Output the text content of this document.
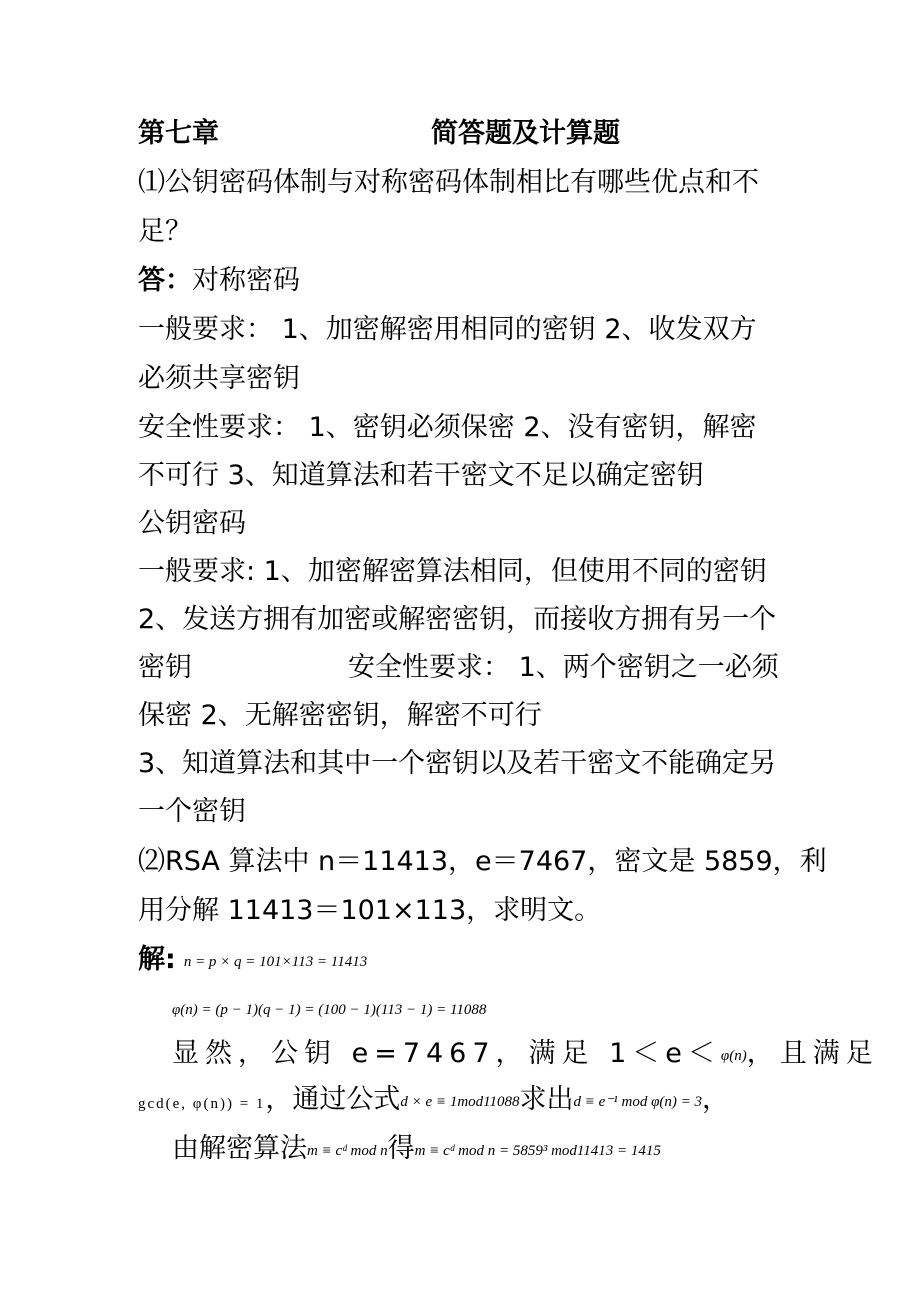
第七章	简答题及计算题
⑴公钥密码体制与对称密码体制相比有哪些优点和不
足？
答：对称密码
一般要求： 1、加密解密用相同的密钥 2、收发双方
必须共享密钥
安全性要求： 1、密钥必须保密 2、没有密钥，解密
不可行 3、知道算法和若干密文不足以确定密钥
公钥密码
一般要求: 1、加密解密算法相同，但使用不同的密钥
2、发送方拥有加密或解密密钥，而接收方拥有另一个
密钥	安全性要求： 1、两个密钥之一必须
保密 2、无解密密钥，解密不可行
3、知道算法和其中一个密钥以及若干密文不能确定另
一个密钥
⑵RSA 算法中 n＝11413，e＝7467，密文是 5859，利
用分解 11413＝101×113，求明文。
解: n = p × q = 101×113 = 11413
φ(n) = (p − 1)(q − 1) = (100 − 1)(113 − 1) = 11088
显然，公钥 e=7467，满足 1＜e＜φ(n)，且满足
gcd(e, φ(n)) = 1，通过公式d × e ≡ 1mod11088求出d ≡ e⁻¹ mod φ(n) = 3，
由解密算法m ≡ cᵈ mod n得m ≡ cᵈ mod n = 5859³ mod11413 = 1415
